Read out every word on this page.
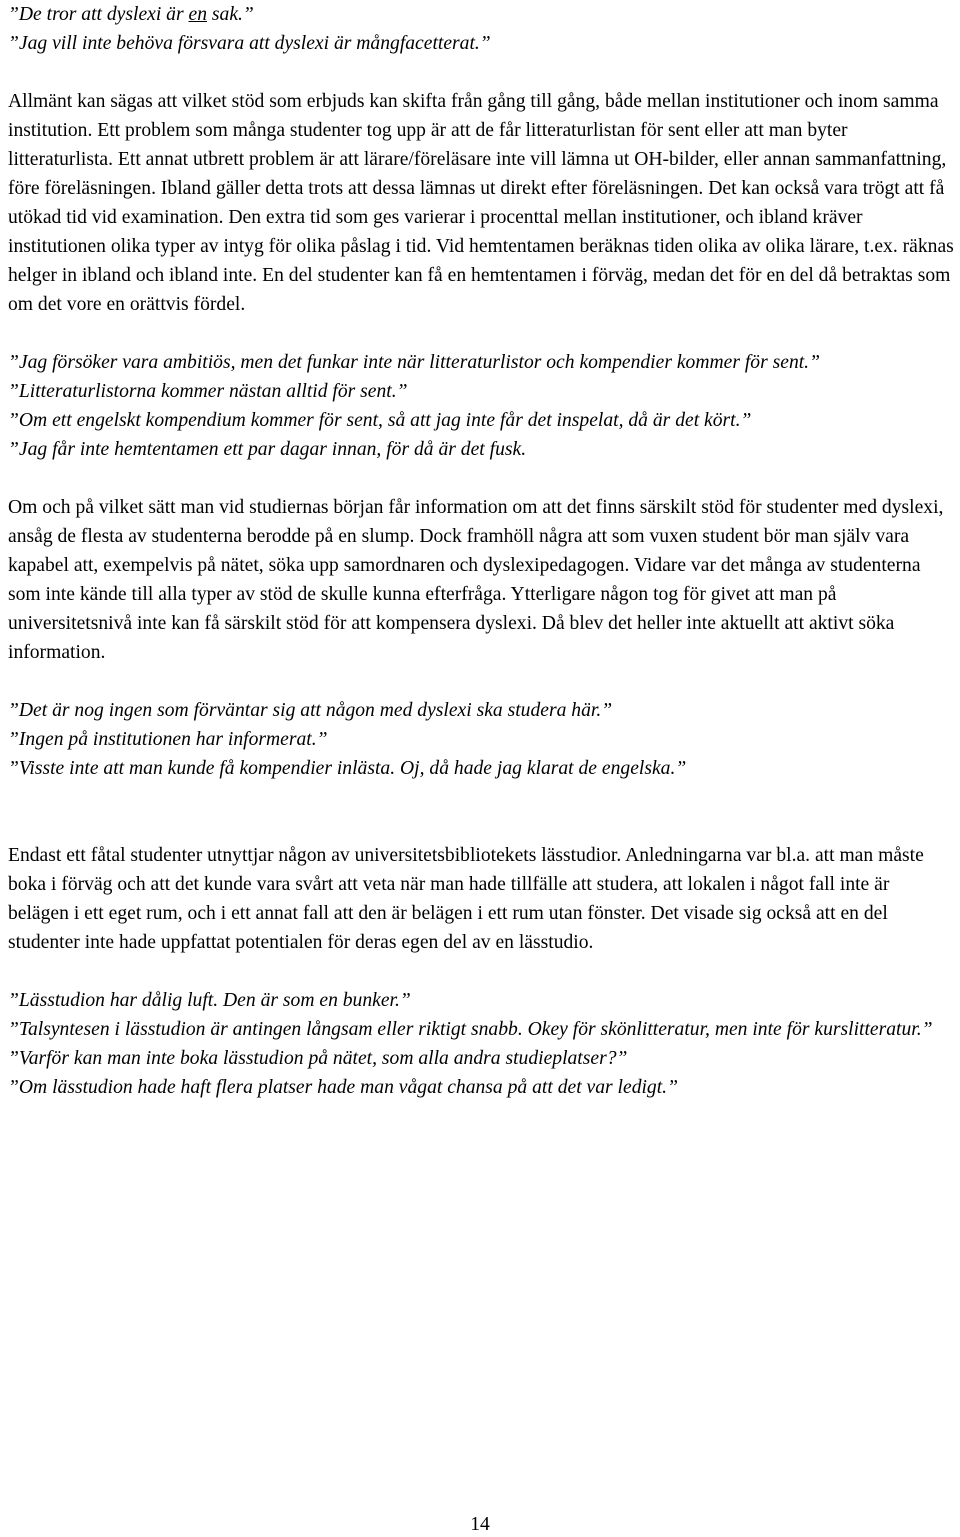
”De tror att dyslexi är en sak.”
”Jag vill inte behöva försvara att dyslexi är mångfacetterat.”

Allmänt kan sägas att vilket stöd som erbjuds kan skifta från gång till gång, både mellan institutioner och inom samma institution. Ett problem som många studenter tog upp är att de får litteraturlistan för sent eller att man byter litteraturlista. Ett annat utbrett problem är att lärare/föreläsare inte vill lämna ut OH-bilder, eller annan sammanfattning, före föreläsningen. Ibland gäller detta trots att dessa lämnas ut direkt efter föreläsningen. Det kan också vara trögt att få utökad tid vid examination. Den extra tid som ges varierar i procenttal mellan institutioner, och ibland kräver institutionen olika typer av intyg för olika påslag i tid. Vid hemtentamen beräknas tiden olika av olika lärare, t.ex. räknas helger in ibland och ibland inte. En del studenter kan få en hemtentamen i förväg, medan det för en del då betraktas som om det vore en orättvis fördel.

”Jag försöker vara ambitiös, men det funkar inte när litteraturlistor och kompendier kommer för sent.”
”Litteraturlistorna kommer nästan alltid för sent.”
”Om ett engelskt kompendium kommer för sent, så att jag inte får det inspelat, då är det kört.”
”Jag får inte hemtentamen ett par dagar innan, för då är det fusk.

Om och på vilket sätt man vid studiernas början får information om att det finns särskilt stöd för studenter med dyslexi, ansåg de flesta av studenterna berodde på en slump. Dock framhöll några att som vuxen student bör man själv vara kapabel att, exempelvis på nätet, söka upp samordnaren och dyslexipedagogen. Vidare var det många av studenterna som inte kände till alla typer av stöd de skulle kunna efterfråga. Ytterligare någon tog för givet att man på universitetsnivå inte kan få särskilt stöd för att kompensera dyslexi. Då blev det heller inte aktuellt att aktivt söka information.

”Det är nog ingen som förväntar sig att någon med dyslexi ska studera här.”
”Ingen på institutionen har informerat.”
”Visste inte att man kunde få kompendier inlästa. Oj, då hade jag klarat de engelska.”

Endast ett fåtal studenter utnyttjar någon av universitetsbibliotekets lässtudior. Anledningarna var bl.a. att man måste boka i förväg och att det kunde vara svårt att veta när man hade tillfälle att studera, att lokalen i något fall inte är belägen i ett eget rum, och i ett annat fall att den är belägen i ett rum utan fönster. Det visade sig också att en del studenter inte hade uppfattat potentialen för deras egen del av en lässtudio.

”Lässtudion har dålig luft. Den är som en bunker.”
”Talsyntesen i lässtudion är antingen långsam eller riktigt snabb. Okey för skönlitteratur, men inte för kurslitteratur.”
”Varför kan man inte boka lässtudion på nätet, som alla andra studieplatser?”
”Om lässtudion hade haft flera platser hade man vågat chansa på att det var ledigt.”
14
